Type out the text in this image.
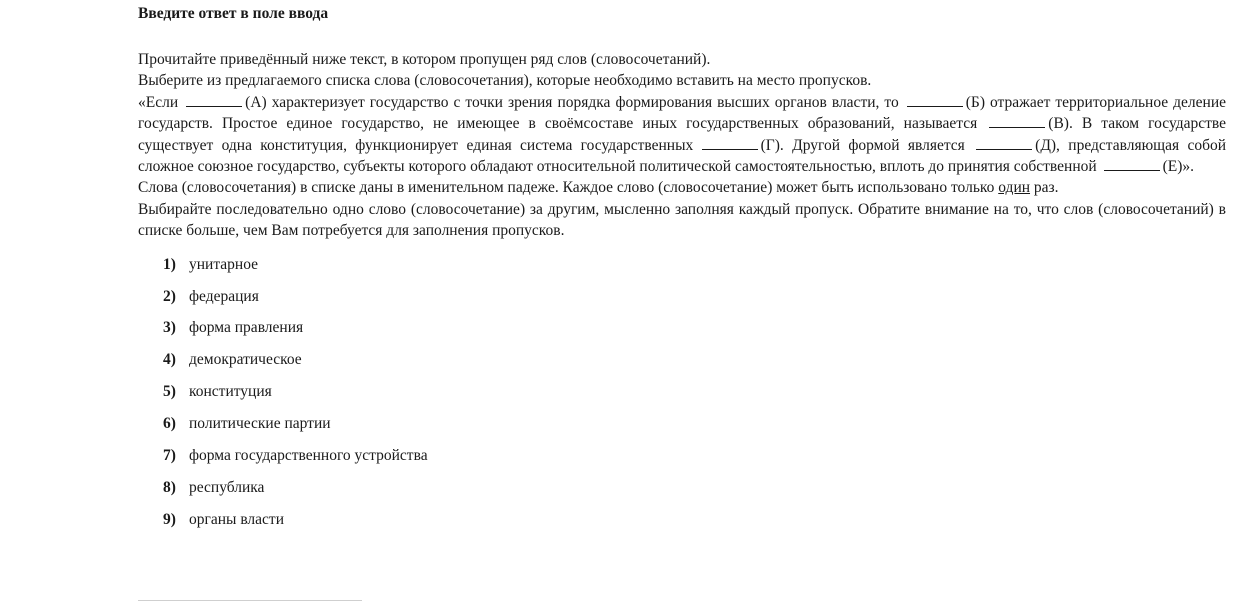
Введите ответ в поле ввода

Прочитайте приведённый ниже текст, в котором пропущен ряд слов (словосочетаний).

Выберите из предлагаемого списка слова (словосочетания), которые необходимо вставить на место пропусков.

«Если	(А) характеризует государство с точки зрения порядка формирования высших органов власти, то	(Б) отражает территориальное деление государств. Простое единое государство, не имеющее в своёмсоставе иных государственных образований, называется	(В). В таком государстве существует одна конституция, функционирует единая система государственных	(Г). Другой формой является	(Д), представляющая собой сложное союзное государство, субъекты которого обладают относительной политической самостоятельностью, вплоть до принятия собственной	(Е)».

Слова (словосочетания) в списке даны в именительном падеже. Каждое слово (словосочетание) может быть использовано только один раз.

Выбирайте последовательно одно слово (словосочетание) за другим, мысленно заполняя каждый пропуск. Обратите внимание на то, что слов (словосочетаний) в списке больше, чем Вам потребуется для заполнения пропусков.

1) унитарное
2) федерация
3) форма правления
4) демократическое
5) конституция
6) политические партии
7) форма государственного устройства
8) республика
9) органы власти
